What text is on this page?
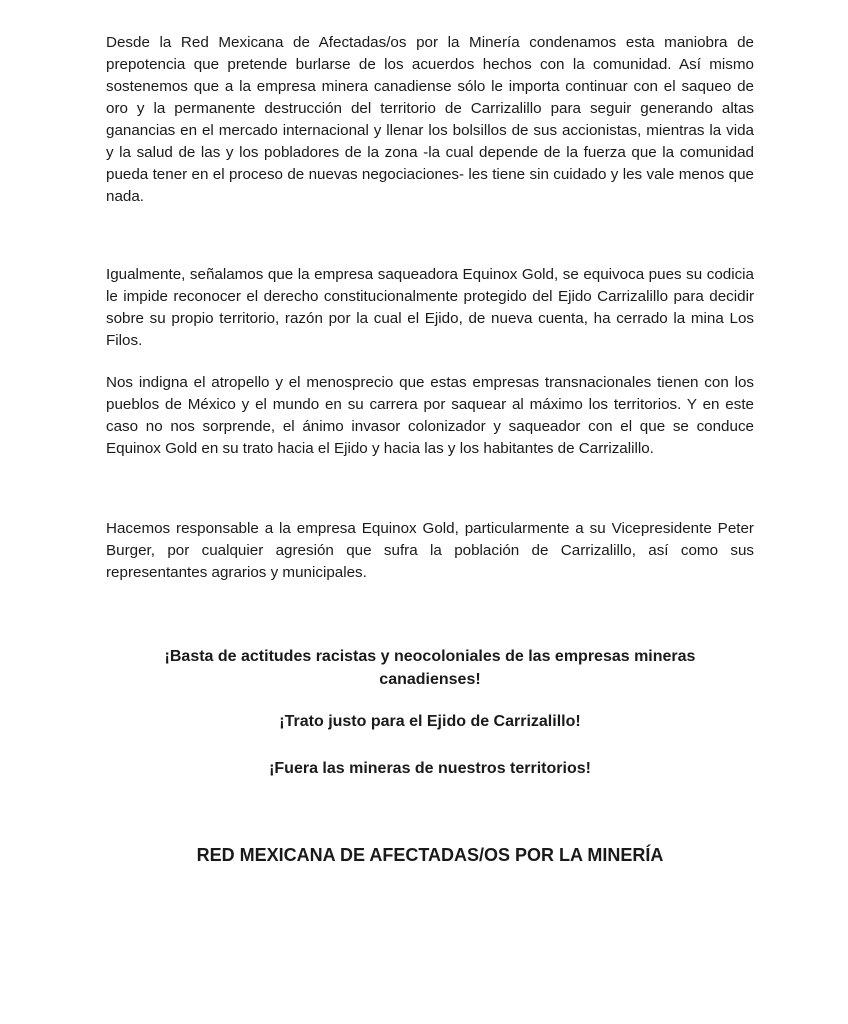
Desde la Red Mexicana de Afectadas/os por la Minería condenamos esta maniobra de prepotencia que pretende burlarse de los acuerdos hechos con la comunidad. Así mismo sostenemos que a la empresa minera canadiense sólo le importa continuar con el saqueo de oro y la permanente destrucción del territorio de Carrizalillo para seguir generando altas ganancias en el mercado internacional y llenar los bolsillos de sus accionistas, mientras la vida y la salud de las y los pobladores de la zona -la cual depende de la fuerza que la comunidad pueda tener en el proceso de nuevas negociaciones- les tiene sin cuidado y les vale menos que nada.

Igualmente, señalamos que la empresa saqueadora Equinox Gold, se equivoca pues su codicia le impide reconocer el derecho constitucionalmente protegido del Ejido Carrizalillo para decidir sobre su propio territorio, razón por la cual el Ejido, de nueva cuenta, ha cerrado la mina Los Filos.

Nos indigna el atropello y el menosprecio que estas empresas transnacionales tienen con los pueblos de México y el mundo en su carrera por saquear al máximo los territorios. Y en este caso no nos sorprende, el ánimo invasor colonizador y saqueador con el que se conduce Equinox Gold en su trato hacia el Ejido y hacia las y los habitantes de Carrizalillo.

Hacemos responsable a la empresa Equinox Gold, particularmente a su Vicepresidente Peter Burger, por cualquier agresión que sufra la población de Carrizalillo, así como sus representantes agrarios y municipales.

¡Basta de actitudes racistas y neocoloniales de las empresas mineras canadienses!

¡Trato justo para el Ejido de Carrizalillo!

¡Fuera las mineras de nuestros territorios!

RED MEXICANA DE AFECTADAS/OS POR LA MINERÍA
